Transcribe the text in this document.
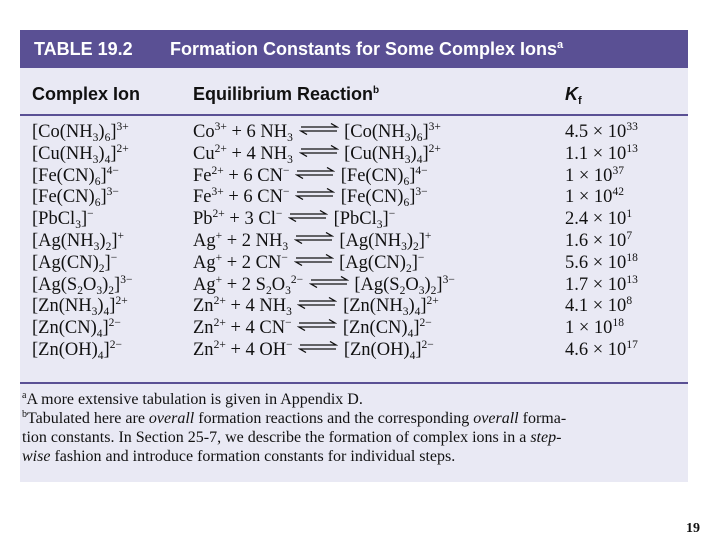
TABLE 19.2 Formation Constants for Some Complex Ions$^a$
Complex Ion	Equilibrium Reaction$^b$	$K_f$
$[Co(NH_3)_6]^{3+}$	$Co^{3+} + 6$ $NH_3$ ⇌ $[Co(NH_3)_6]^{3+}$	$4.5 \times 10^{33}$
$[Cu(NH_3)_4]^{2+}$	$Cu^{2+} + 4$ $NH_3$ ⇌ $[Cu(NH_3)_4]^{2+}$	$1.1 \times 10^{13}$
$[Fe(CN)_6]^{4-}$	$Fe^{2+} + 6$ CN− ⇌ $[Fe(CN)_6]^{4-}$	$1 \times 10^{37}$
$[Fe(CN)_6]^{3-}$	$Fe^{3+} + 6$ CN− ⇌ $[Fe(CN)_6]^{3-}$	$1 \times 10^{42}$
[PbCl$_3$]−	$Pb^{2+} + 3$ Cl− ⇌ [PbCl$_3$]−	$2.4 \times 10^1$
$[Ag(NH_3)_2]^+$	Ag+ + 2 $NH_3$ ⇌ $[Ag(NH_3)_2]^+$	$1.6 \times 10^7$
$[Ag(CN)_2]^-$	Ag+ + 2 CN− ⇌ $[Ag(CN)_2]^-$	$5.6 \times 10^{18}$
$[Ag(S_2O_3)_2]^{3-}$	Ag+ + 2 $S_2O_3^{2-}$ ⇌ $[Ag(S_2O_3)_2]^{3-}$	$1.7 \times 10^{13}$
$[Zn(NH_3)_4]^{2+}$	$Zn^{2+} + 4$ $NH_3$ ⇌ $[Zn(NH_3)_4]^{2+}$	$4.1 \times 10^8$
$[Zn(CN)_4]^{2-}$	$Zn^{2+} + 4$ CN− ⇌ $[Zn(CN)_4]^{2-}$	$1 \times 10^{18}$
$[Zn(OH)_4]^{2-}$	$Zn^{2+} + 4$ OH− ⇌ $[Zn(OH)_4]^{2-}$	$4.6 \times 10^{17}$

$^a$A more extensive tabulation is given in Appendix D.

$^b$Tabulated here are overall formation reactions and the corresponding overall forma-
tion constants. In Section 25-7, we describe the formation of complex ions in a step-
wise fashion and introduce formation constants for individual steps.

19
